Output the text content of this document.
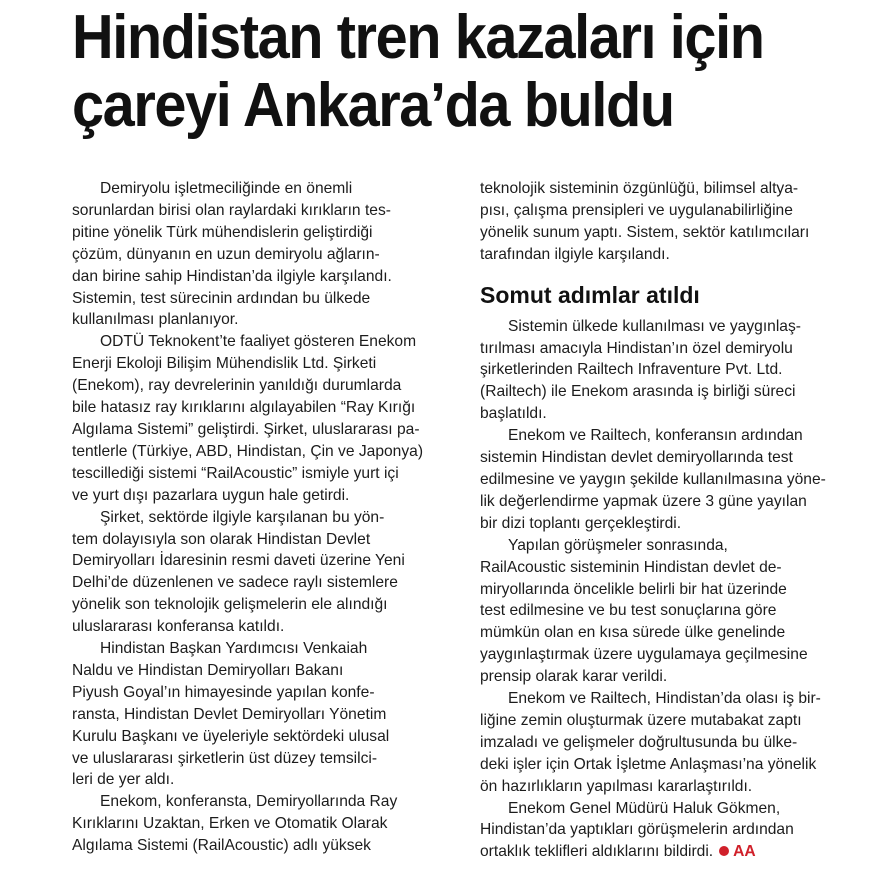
Hindistan tren kazaları için
çareyi Ankara’da buldu

Demiryolu işletmeciliğinde en önemli
sorunlardan birisi olan raylardaki kırıkların tes-
pitine yönelik Türk mühendislerin geliştirdiği
çözüm, dünyanın en uzun demiryolu ağların-
dan birine sahip Hindistan’da ilgiyle karşılandı.
Sistemin, test sürecinin ardından bu ülkede
kullanılması planlanıyor.

ODTÜ Teknokent’te faaliyet gösteren Enekom
Enerji Ekoloji Bilişim Mühendislik Ltd. Şirketi
(Enekom), ray devrelerinin yanıldığı durumlarda
bile hatasız ray kırıklarını algılayabilen “Ray Kırığı
Algılama Sistemi” geliştirdi. Şirket, uluslararası pa-
tentlerle (Türkiye, ABD, Hindistan, Çin ve Japonya)
tescillediği sistemi “RailAcoustic” ismiyle yurt içi
ve yurt dışı pazarlara uygun hale getirdi.

Şirket, sektörde ilgiyle karşılanan bu yön-
tem dolayısıyla son olarak Hindistan Devlet
Demiryolları İdaresinin resmi daveti üzerine Yeni
Delhi’de düzenlenen ve sadece raylı sistemlere
yönelik son teknolojik gelişmelerin ele alındığı
uluslararası konferansa katıldı.

Hindistan Başkan Yardımcısı Venkaiah
Naldu ve Hindistan Demiryolları Bakanı
Piyush Goyal’ın himayesinde yapılan konfe-
ransta, Hindistan Devlet Demiryolları Yönetim
Kurulu Başkanı ve üyeleriyle sektördeki ulusal
ve uluslararası şirketlerin üst düzey temsilci-
leri de yer aldı.

Enekom, konferansta, Demiryollarında Ray
Kırıklarını Uzaktan, Erken ve Otomatik Olarak
Algılama Sistemi (RailAcoustic) adlı yüksek

teknolojik sisteminin özgünlüğü, bilimsel altya-
pısı, çalışma prensipleri ve uygulanabilirliğine
yönelik sunum yaptı. Sistem, sektör katılımcıları
tarafından ilgiyle karşılandı.

Somut adımlar atıldı

Sistemin ülkede kullanılması ve yaygınlaş-
tırılması amacıyla Hindistan’ın özel demiryolu
şirketlerinden Railtech Infraventure Pvt. Ltd.
(Railtech) ile Enekom arasında iş birliği süreci
başlatıldı.

Enekom ve Railtech, konferansın ardından
sistemin Hindistan devlet demiryollarında test
edilmesine ve yaygın şekilde kullanılmasına yöne-
lik değerlendirme yapmak üzere 3 güne yayılan
bir dizi toplantı gerçekleştirdi.

Yapılan görüşmeler sonrasında,
RailAcoustic sisteminin Hindistan devlet de-
miryollarında öncelikle belirli bir hat üzerinde
test edilmesine ve bu test sonuçlarına göre
mümkün olan en kısa sürede ülke genelinde
yaygınlaştırmak üzere uygulamaya geçilmesine
prensip olarak karar verildi.

Enekom ve Railtech, Hindistan’da olası iş bir-
liğine zemin oluşturmak üzere mutabakat zaptı
imzaladı ve gelişmeler doğrultusunda bu ülke-
deki işler için Ortak İşletme Anlaşması’na yönelik
ön hazırlıkların yapılması kararlaştırıldı.

Enekom Genel Müdürü Haluk Gökmen,
Hindistan’da yaptıkları görüşmelerin ardından
ortaklık teklifleri aldıklarını bildirdi. AA
